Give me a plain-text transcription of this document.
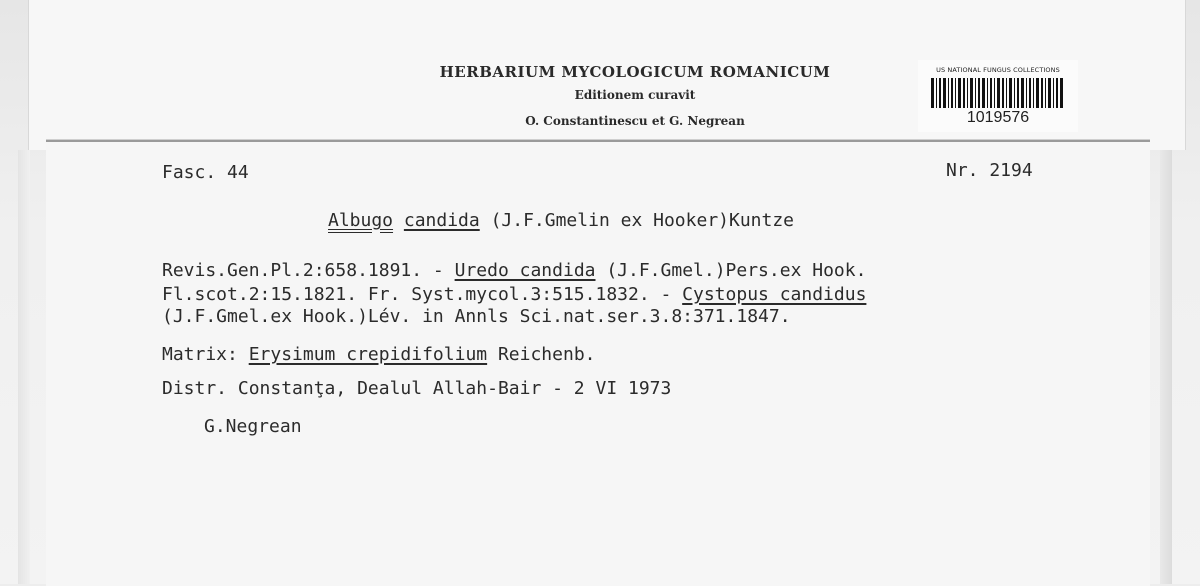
HERBARIUM MYCOLOGICUM ROMANICUM
Editionem curavit
O. Constantinescu et G. Negrean
US NATIONAL FUNGUS COLLECTIONS
1019576
Fasc. 44	Nr. 2194
Albugo candida (J.F.Gmelin ex Hooker)Kuntze
Revis.Gen.Pl.2:658.1891. - Uredo candida (J.F.Gmel.)Pers.ex Hook.
Fl.scot.2:15.1821. Fr. Syst.mycol.3:515.1832. - Cystopus candidus
(J.F.Gmel.ex Hook.)Lév. in Annls Sci.nat.ser.3.8:371.1847.
Matrix: Erysimum crepidifolium Reichenb.
Distr. Constanţa, Dealul Allah-Bair - 2 VI 1973
G.Negrean
